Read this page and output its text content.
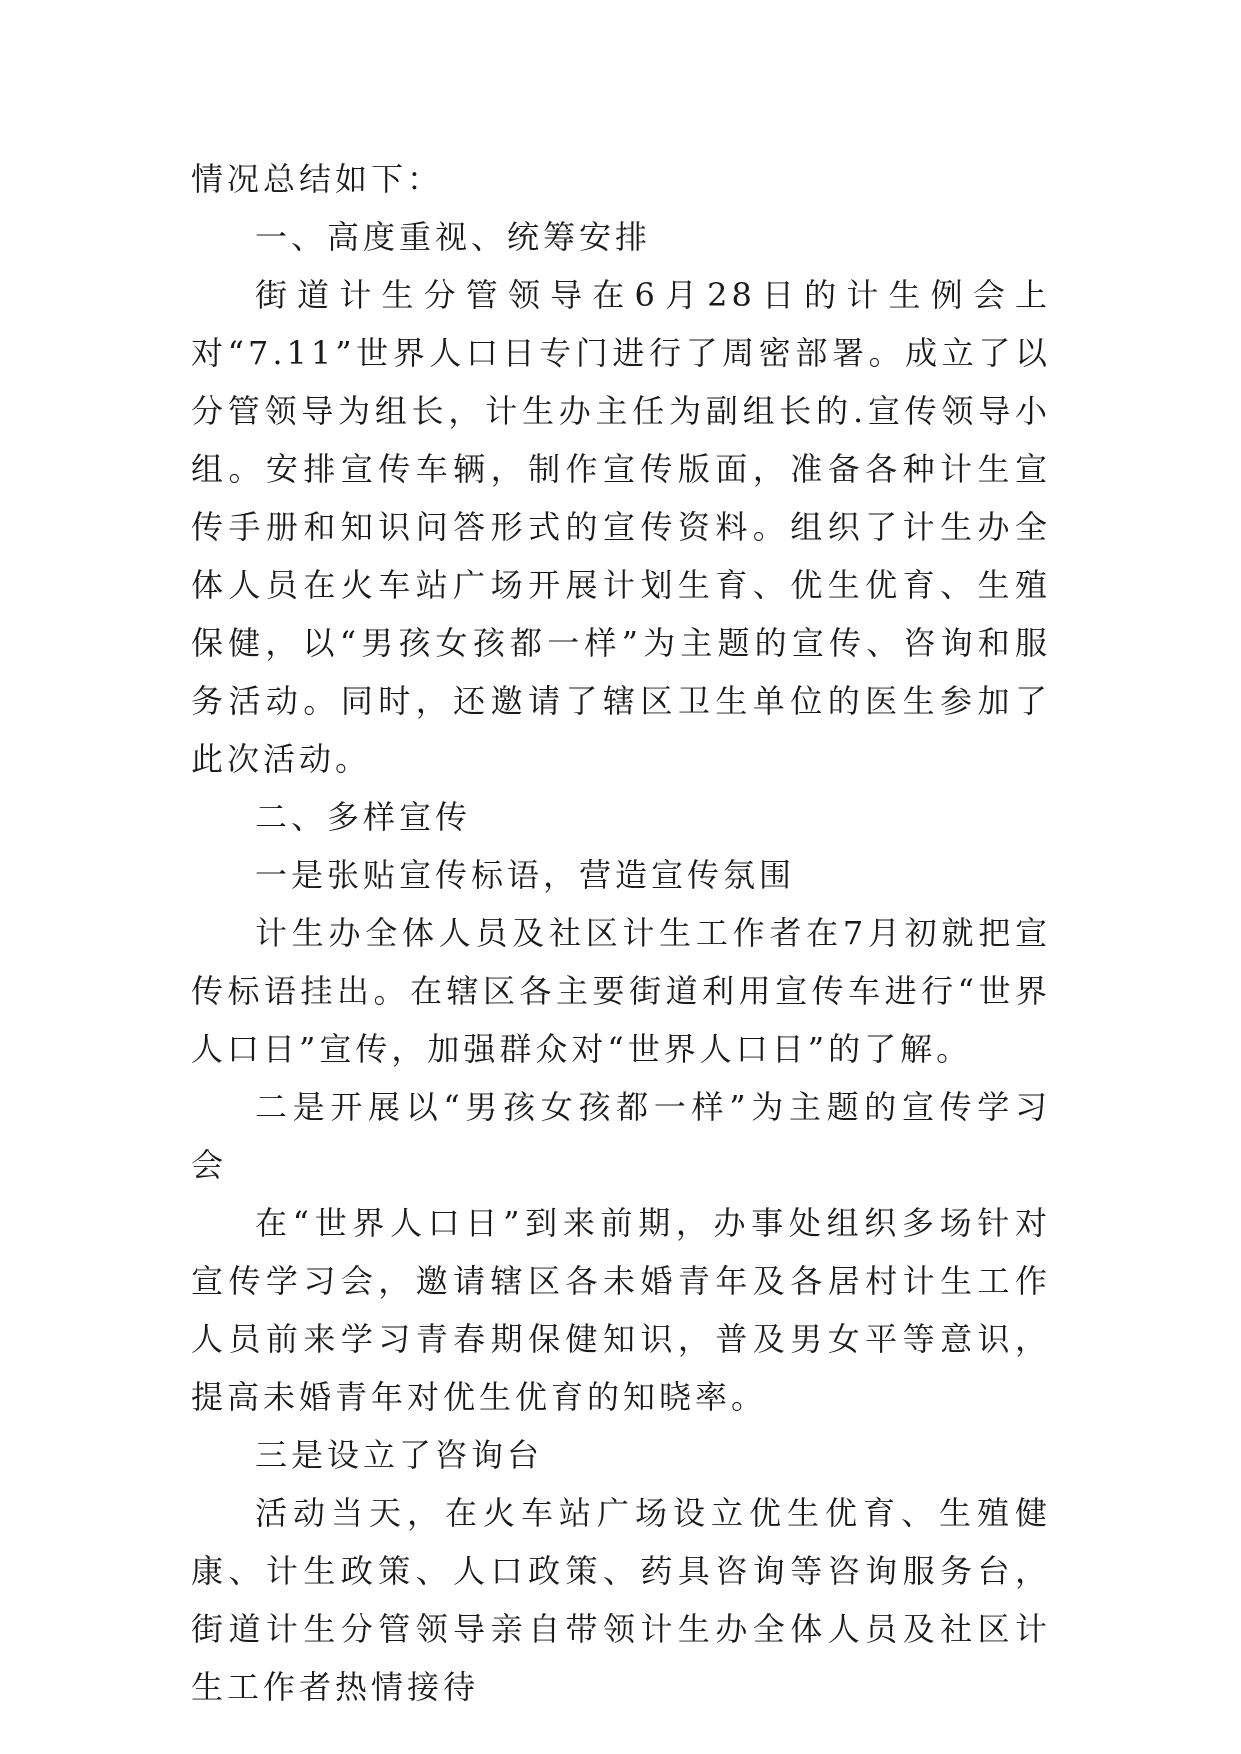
情况总结如下：

一、高度重视、统筹安排

街道计生分管领导在6月28日的计生例会上对“7.11”世界人口日专门进行了周密部署。成立了以分管领导为组长，计生办主任为副组长的.宣传领导小组。安排宣传车辆，制作宣传版面，准备各种计生宣传手册和知识问答形式的宣传资料。组织了计生办全体人员在火车站广场开展计划生育、优生优育、生殖保健，以“男孩女孩都一样”为主题的宣传、咨询和服务活动。同时，还邀请了辖区卫生单位的医生参加了此次活动。

二、多样宣传

一是张贴宣传标语，营造宣传氛围

计生办全体人员及社区计生工作者在7月初就把宣传标语挂出。在辖区各主要街道利用宣传车进行“世界人口日”宣传，加强群众对“世界人口日”的了解。

二是开展以“男孩女孩都一样”为主题的宣传学习会

在“世界人口日”到来前期，办事处组织多场针对宣传学习会，邀请辖区各未婚青年及各居村计生工作人员前来学习青春期保健知识，普及男女平等意识，提高未婚青年对优生优育的知晓率。

三是设立了咨询台

活动当天，在火车站广场设立优生优育、生殖健康、计生政策、人口政策、药具咨询等咨询服务台，街道计生分管领导亲自带领计生办全体人员及社区计生工作者热情接待
